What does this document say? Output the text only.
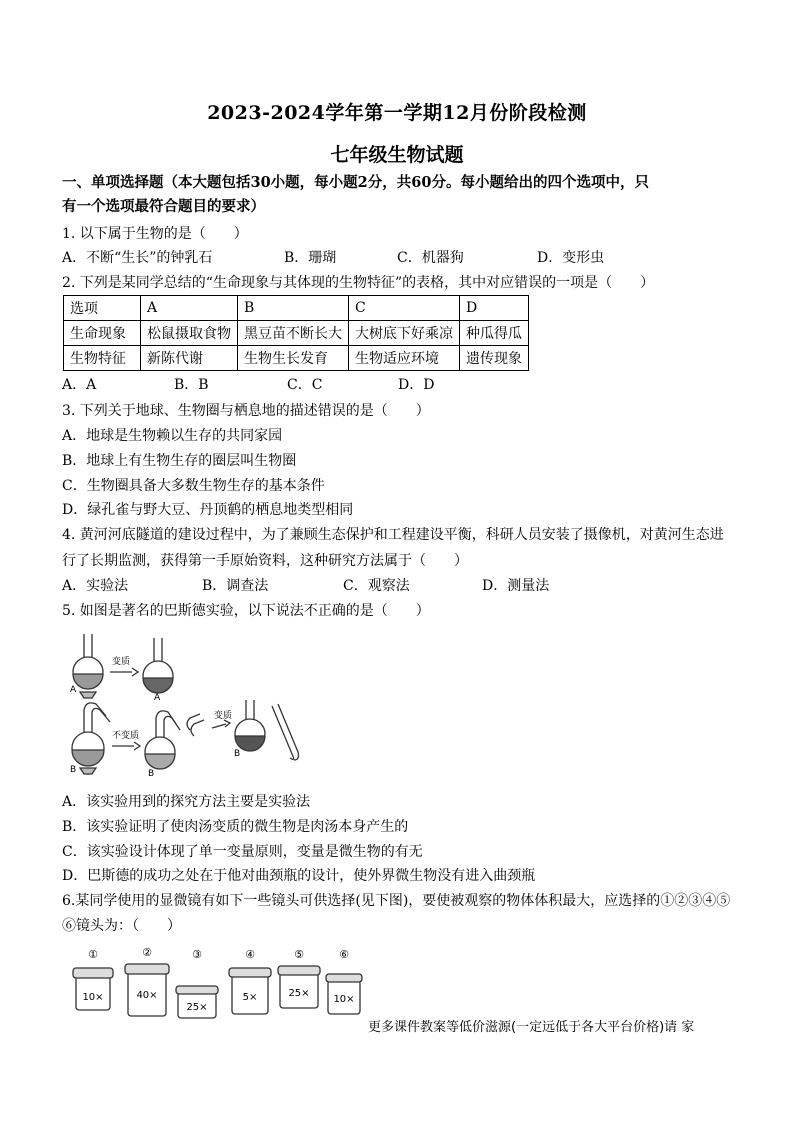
2023-2024学年第一学期12月份阶段检测
七年级生物试题
一、单项选择题（本大题包括30小题，每小题2分，共60分。每小题给出的四个选项中，只
有一个选项最符合题目的要求）
1. 以下属于生物的是（　　）
A．不断“生长”的钟乳石	B．珊瑚	C．机器狗	D．变形虫
2. 下列是某同学总结的“生命现象与其体现的生物特征”的表格，其中对应错误的一项是（　　）
选项	A	B	C	D
生命现象	松鼠摄取食物	黑豆苗不断长大	大树底下好乘凉	种瓜得瓜
生物特征	新陈代谢	生物生长发育	生物适应环境	遗传现象
A．A	B．B	C．C	D．D
3. 下列关于地球、生物圈与栖息地的描述错误的是（　　）
A．地球是生物赖以生存的共同家园
B．地球上有生物生存的圈层叫生物圈
C．生物圈具备大多数生物生存的基本条件
D．绿孔雀与野大豆、丹顶鹤的栖息地类型相同
4. 黄河河底隧道的建设过程中，为了兼顾生态保护和工程建设平衡，科研人员安装了摄像机，对黄河生态进
行了长期监测，获得第一手原始资料，这种研究方法属于（　　）
A．实验法	B．调查法	C．观察法	D．测量法
5. 如图是著名的巴斯德实验，以下说法不正确的是（　　）
变质
A
A
不变质
变质
B	B
B
A．该实验用到的探究方法主要是实验法
B．该实验证明了使肉汤变质的微生物是肉汤本身产生的
C．该实验设计体现了单一变量原则，变量是微生物的有无
D．巴斯德的成功之处在于他对曲颈瓶的设计，使外界微生物没有进入曲颈瓶
6.某同学使用的显微镜有如下一些镜头可供选择(见下图)，要使被观察的物体体积最大，应选择的①②③④⑤
⑥镜头为：（　　）
①	②	③	④	⑤	⑥
10×	40×
25×
5×	25×
10×
更多课件教案等低价滋源(一定远低于各大平台价格)请 家
